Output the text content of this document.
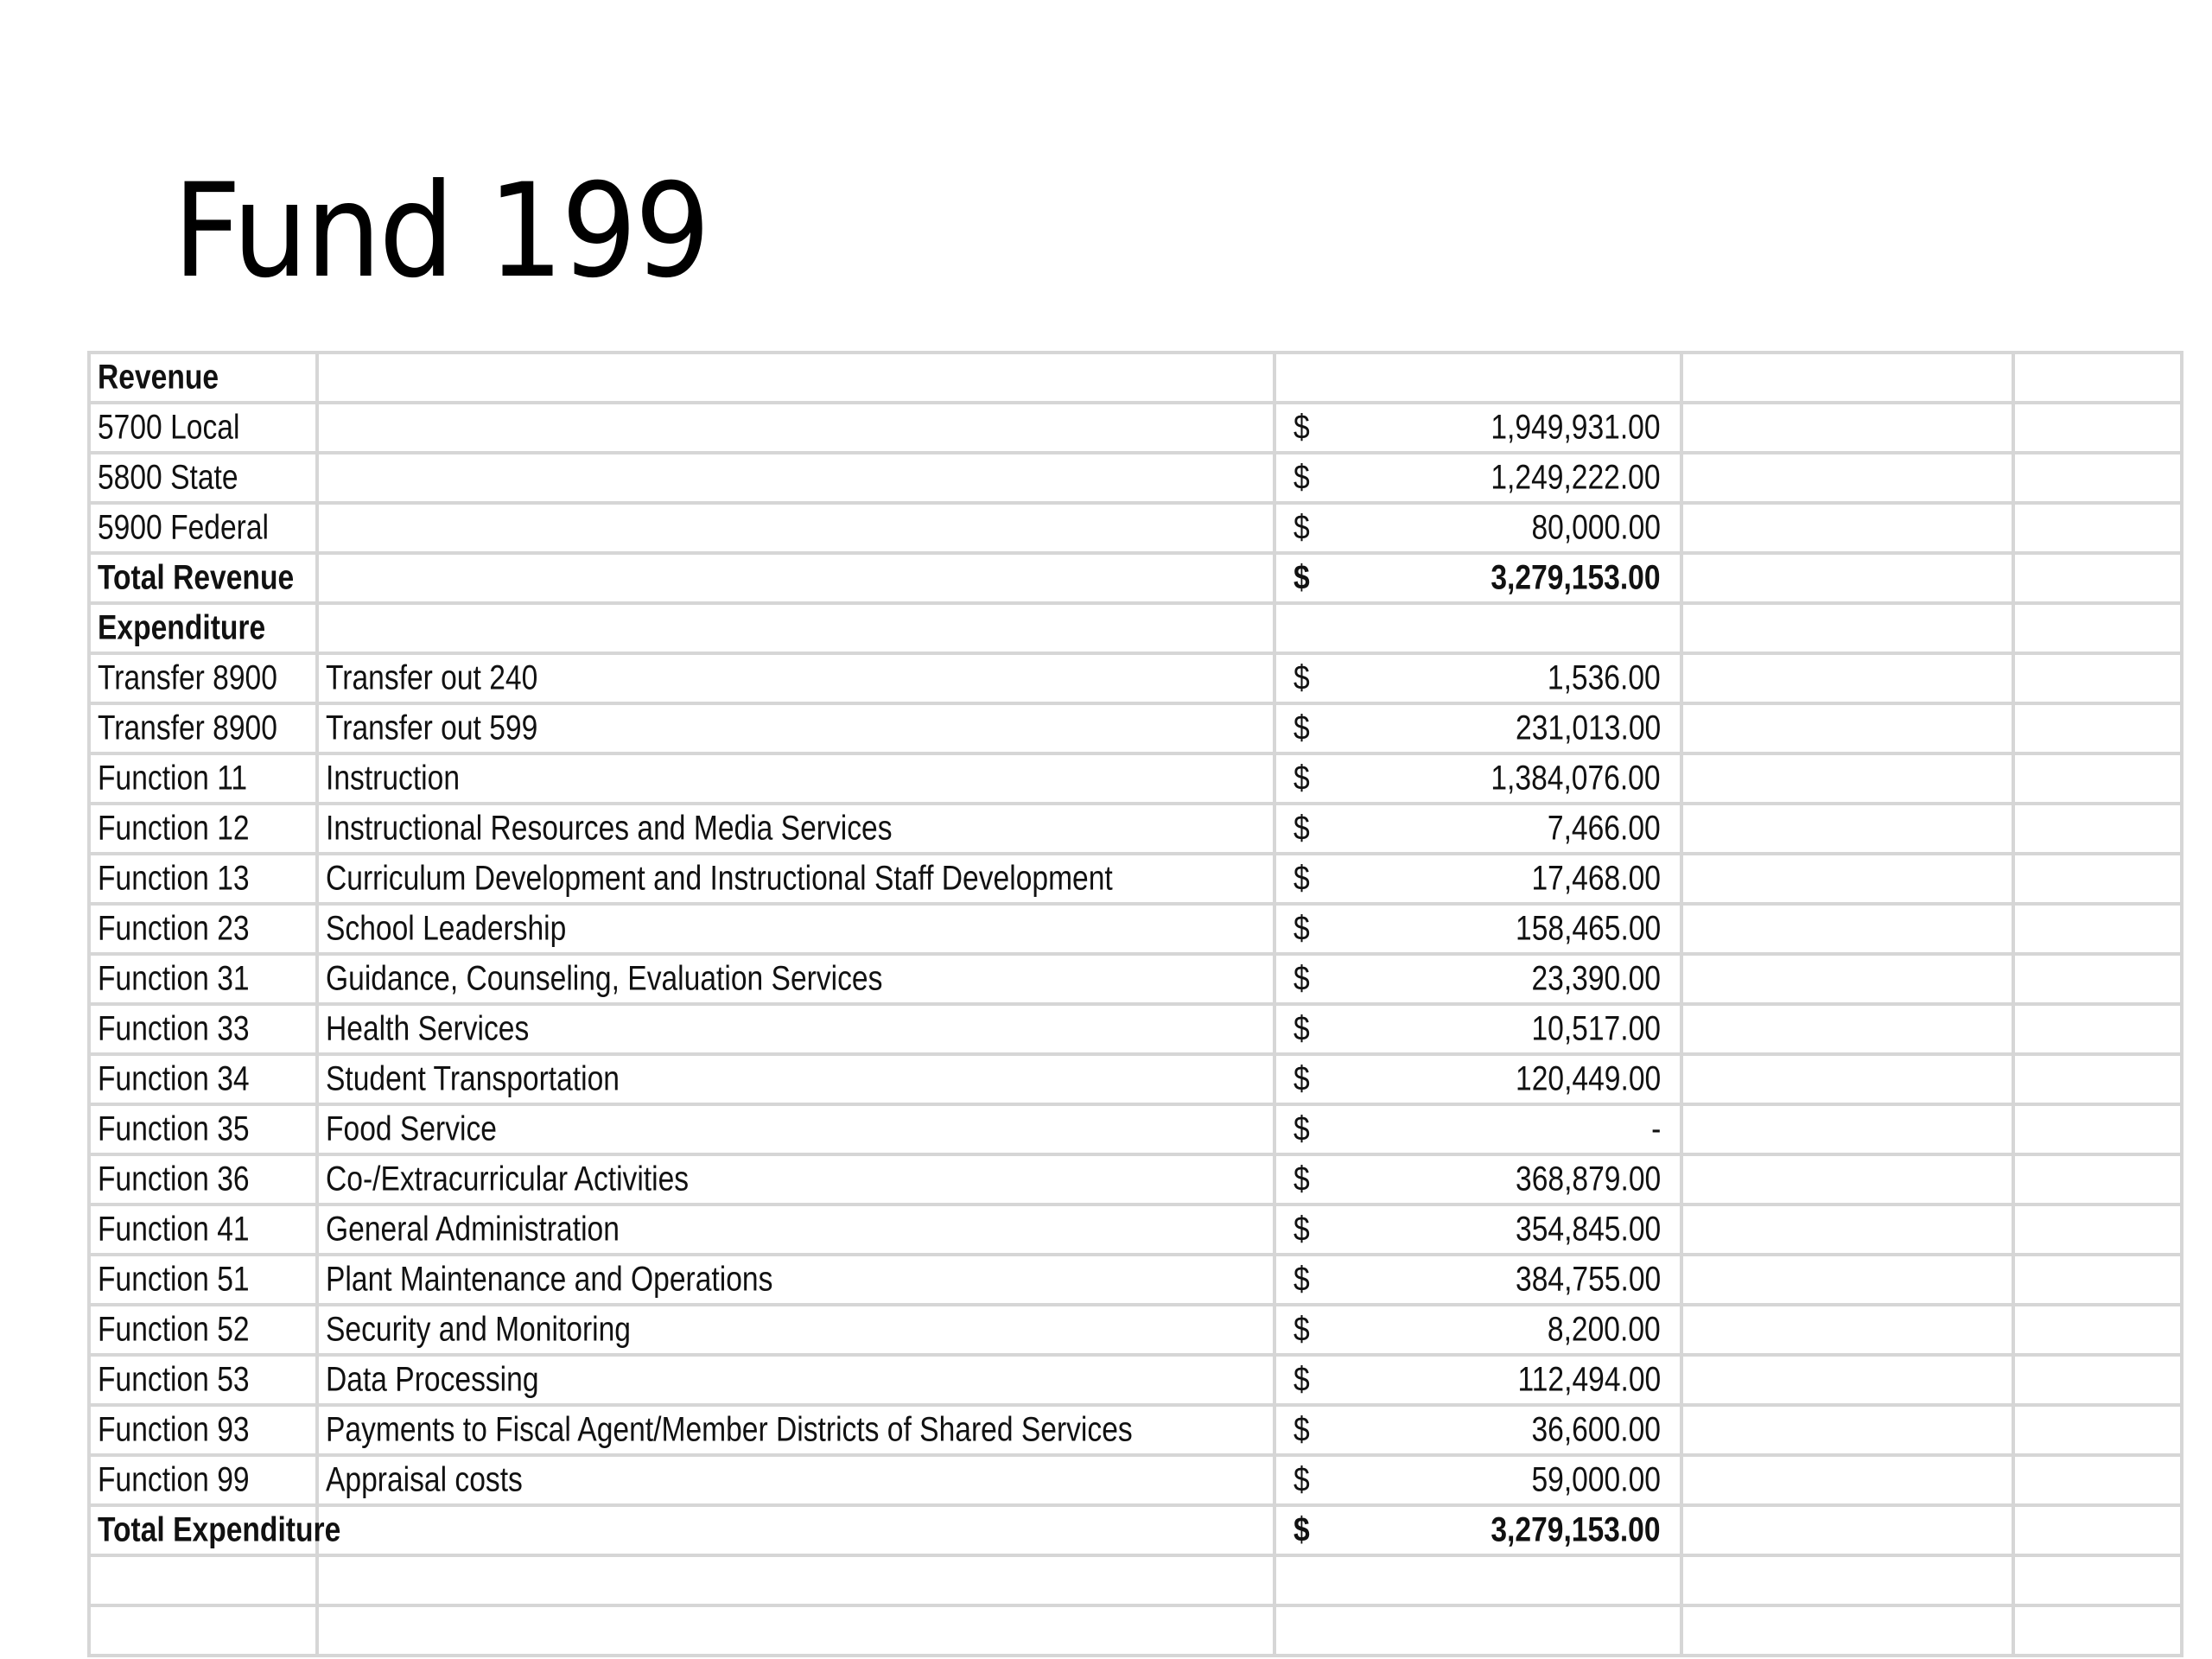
Fund 199
Revenue				

5700 Local		$ 1,949,931.00		

5800 State		$ 1,249,222.00		

5900 Federal		$ 80,000.00		

Total Revenue		$ 3,279,153.00		

Expenditure				

Transfer 8900	Transfer out 240	$ 1,536.00		

Transfer 8900	Transfer out 599	$ 231,013.00		

Function 11	Instruction	$ 1,384,076.00		

Function 12	Instructional Resources and Media Services	$ 7,466.00		

Function 13	Curriculum Development and Instructional Staff Development	$ 17,468.00		

Function 23	School Leadership	$ 158,465.00		

Function 31	Guidance, Counseling, Evaluation Services	$ 23,390.00		

Function 33	Health Services	$ 10,517.00		

Function 34	Student Transportation	$ 120,449.00		

Function 35	Food Service	$ -		

Function 36	Co-/Extracurricular Activities	$ 368,879.00		

Function 41	General Administration	$ 354,845.00		

Function 51	Plant Maintenance and Operations	$ 384,755.00		

Function 52	Security and Monitoring	$ 8,200.00		

Function 53	Data Processing	$ 112,494.00		

Function 93	Payments to Fiscal Agent/Member Districts of Shared Services	$ 36,600.00		

Function 99	Appraisal costs	$ 59,000.00		

Total Expenditure		$ 3,279,153.00		
